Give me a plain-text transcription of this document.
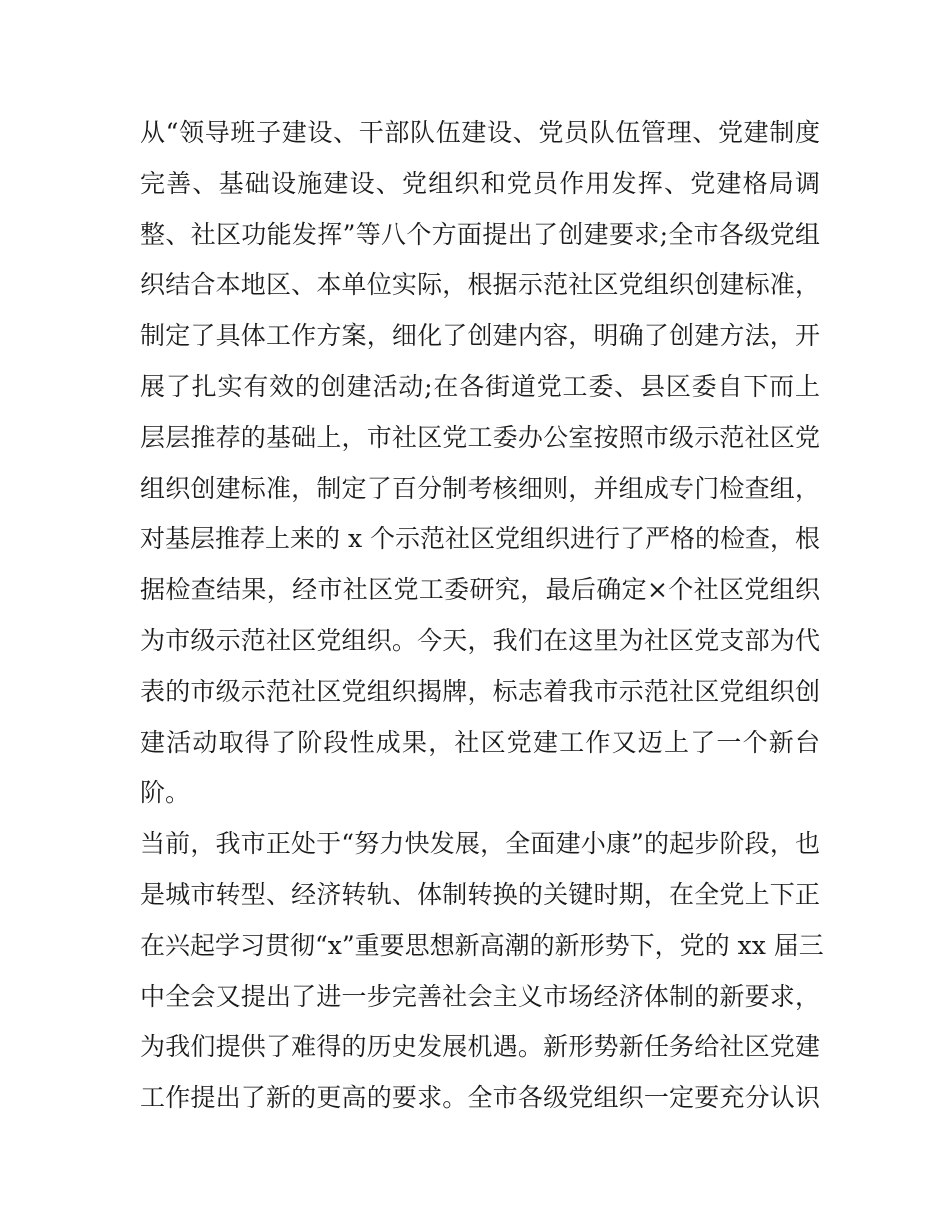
从“领导班子建设、干部队伍建设、党员队伍管理、党建制度
完善、基础设施建设、党组织和党员作用发挥、党建格局调
整、社区功能发挥”等八个方面提出了创建要求;全市各级党组
织结合本地区、本单位实际，根据示范社区党组织创建标准，
制定了具体工作方案，细化了创建内容，明确了创建方法，开
展了扎实有效的创建活动;在各街道党工委、县区委自下而上
层层推荐的基础上，市社区党工委办公室按照市级示范社区党
组织创建标准，制定了百分制考核细则，并组成专门检查组，
对基层推荐上来的 x 个示范社区党组织进行了严格的检查，根
据检查结果，经市社区党工委研究，最后确定×个社区党组织
为市级示范社区党组织。今天，我们在这里为社区党支部为代
表的市级示范社区党组织揭牌，标志着我市示范社区党组织创
建活动取得了阶段性成果，社区党建工作又迈上了一个新台
阶。
当前，我市正处于“努力快发展，全面建小康”的起步阶段，也
是城市转型、经济转轨、体制转换的关键时期，在全党上下正
在兴起学习贯彻“x”重要思想新高潮的新形势下，党的 xx 届三
中全会又提出了进一步完善社会主义市场经济体制的新要求，
为我们提供了难得的历史发展机遇。新形势新任务给社区党建
工作提出了新的更高的要求。全市各级党组织一定要充分认识
